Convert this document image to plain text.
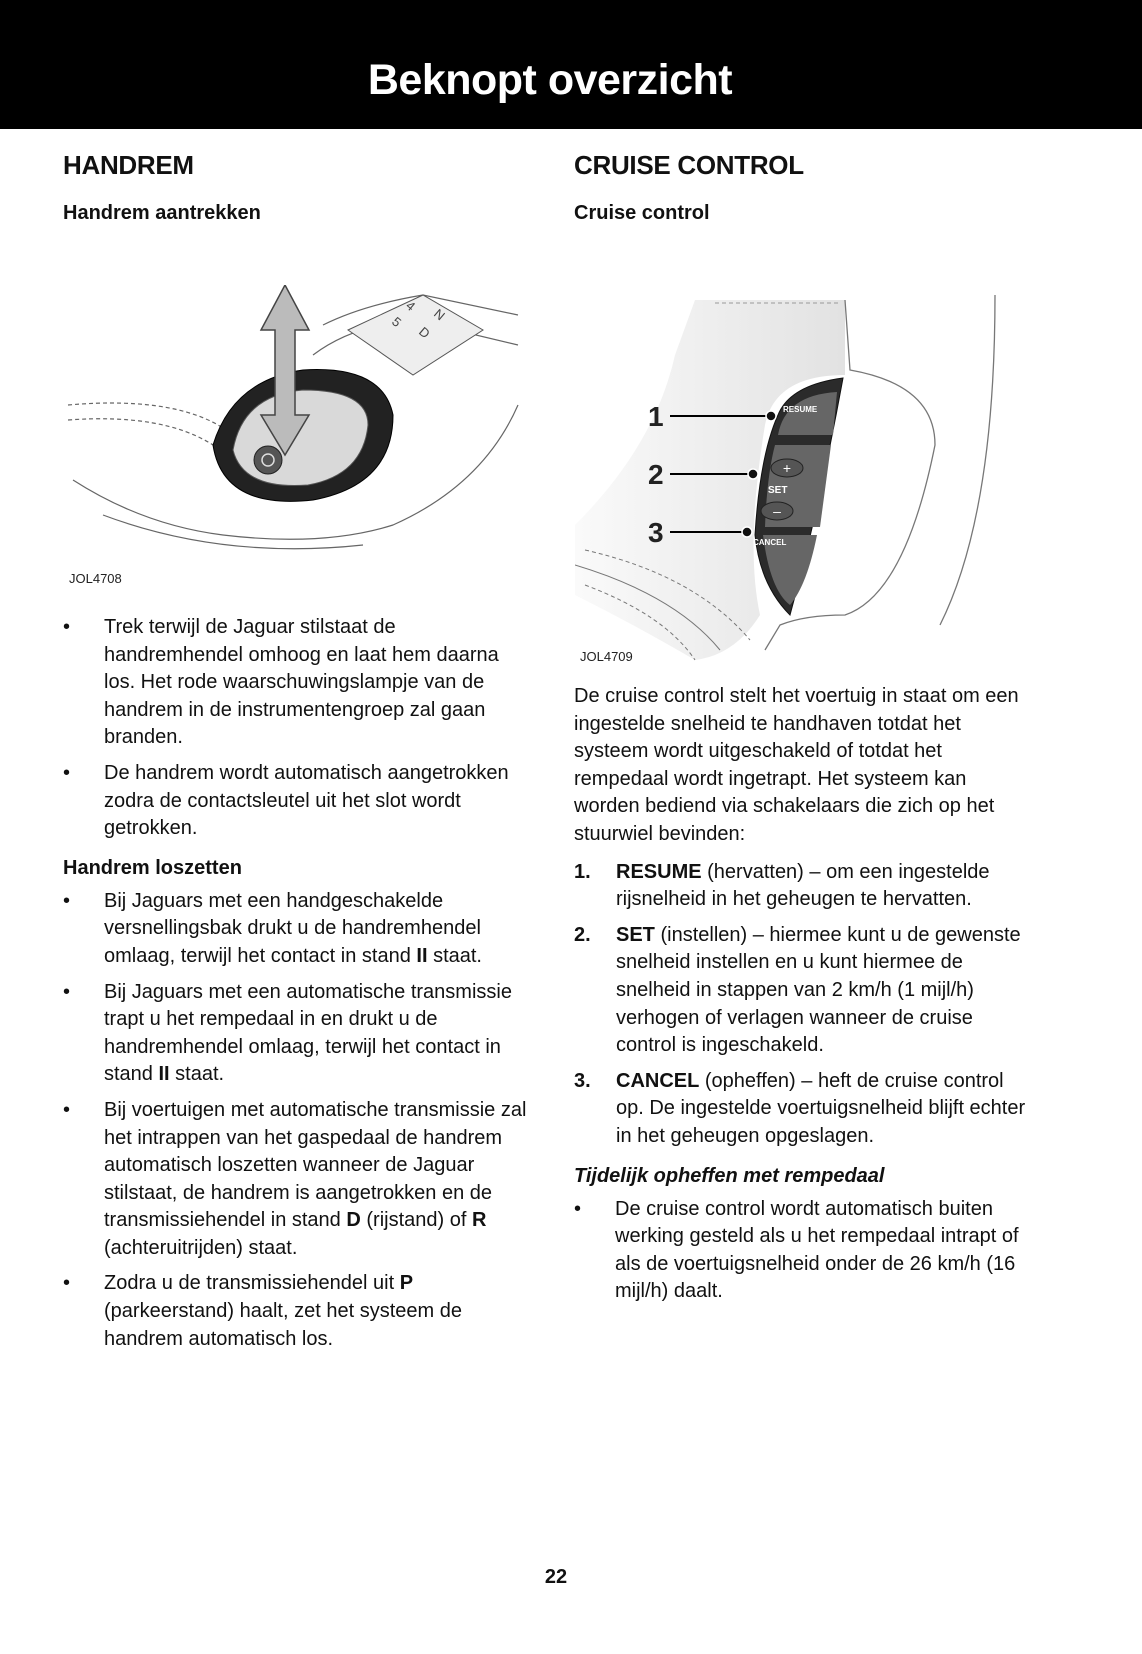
Beknopt overzicht
HANDREM
Handrem aantrekken
4 N
5
D
JOL4708
• Trek terwijl de Jaguar stilstaat de handremhendel omhoog en laat hem daarna los. Het rode waarschuwingslampje van de handrem in de instrumentengroep zal gaan branden.
• De handrem wordt automatisch aangetrokken zodra de contactsleutel uit het slot wordt getrokken.
Handrem loszetten
• Bij Jaguars met een handgeschakelde versnellingsbak drukt u de handremhendel omlaag, terwijl het contact in stand II staat.
• Bij Jaguars met een automatische transmissie trapt u het rempedaal in en drukt u de handremhendel omlaag, terwijl het contact in stand II staat.
• Bij voertuigen met automatische transmissie zal het intrappen van het gaspedaal de handrem automatisch loszetten wanneer de Jaguar stilstaat, de handrem is aangetrokken en de transmissiehendel in stand D (rijstand) of R (achteruitrijden) staat.
• Zodra u de transmissiehendel uit P (parkeerstand) haalt, zet het systeem de handrem automatisch los.
CRUISE CONTROL
Cruise control
+
–
RESUME
SET
CANCEL
1
2
3
JOL4709

De cruise control stelt het voertuig in staat om een ingestelde snelheid te handhaven totdat het systeem wordt uitgeschakeld of totdat het rempedaal wordt ingetrapt. Het systeem kan worden bediend via schakelaars die zich op het stuurwiel bevinden:

1. RESUME (hervatten) – om een ingestelde rijsnelheid in het geheugen te hervatten.
2. SET (instellen) – hiermee kunt u de gewenste snelheid instellen en u kunt hiermee de snelheid in stappen van 2 km/h (1 mijl/h) verhogen of verlagen wanneer de cruise control is ingeschakeld.
3. CANCEL (opheffen) – heft de cruise control op. De ingestelde voertuigsnelheid blijft echter in het geheugen opgeslagen.
Tijdelijk opheffen met rempedaal
• De cruise control wordt automatisch buiten werking gesteld als u het rempedaal intrapt of als de voertuigsnelheid onder de 26 km/h (16 mijl/h) daalt.
22
